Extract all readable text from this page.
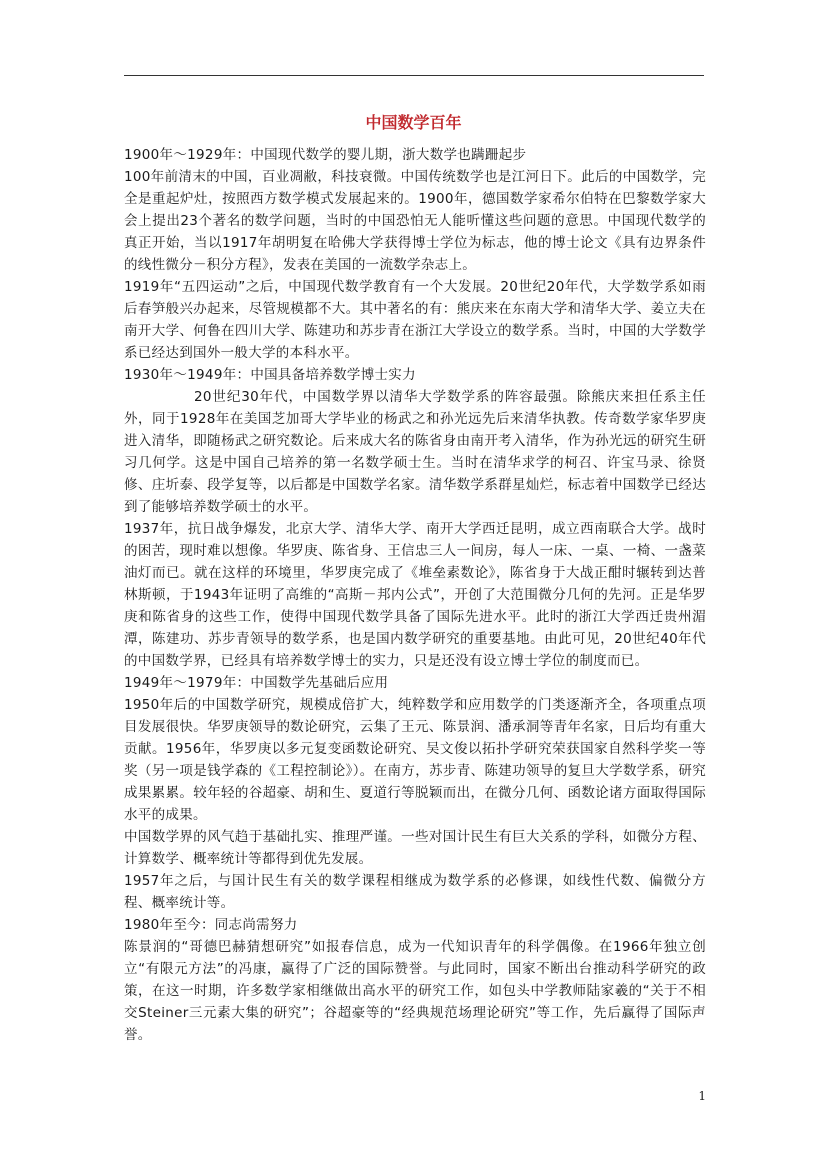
中国数学百年

1900年～1929年：中国现代数学的婴儿期，浙大数学也蹒跚起步

100年前清末的中国，百业凋敝，科技衰微。中国传统数学也是江河日下。此后的中国数学，完全是重起炉灶，按照西方数学模式发展起来的。1900年，德国数学家希尔伯特在巴黎数学家大会上提出23个著名的数学问题，当时的中国恐怕无人能听懂这些问题的意思。中国现代数学的真正开始，当以1917年胡明复在哈佛大学获得博士学位为标志，他的博士论文《具有边界条件的线性微分－积分方程》，发表在美国的一流数学杂志上。

1919年“五四运动”之后，中国现代数学教育有一个大发展。20世纪20年代，大学数学系如雨后春笋般兴办起来，尽管规模都不大。其中著名的有：熊庆来在东南大学和清华大学、姜立夫在南开大学、何鲁在四川大学、陈建功和苏步青在浙江大学设立的数学系。当时，中国的大学数学系已经达到国外一般大学的本科水平。

1930年～1949年：中国具备培养数学博士实力

20世纪30年代，中国数学界以清华大学数学系的阵容最强。除熊庆来担任系主任外，同于1928年在美国芝加哥大学毕业的杨武之和孙光远先后来清华执教。传奇数学家华罗庚进入清华，即随杨武之研究数论。后来成大名的陈省身由南开考入清华，作为孙光远的研究生研习几何学。这是中国自己培养的第一名数学硕士生。当时在清华求学的柯召、许宝马录、徐贤修、庄圻泰、段学复等，以后都是中国数学名家。清华数学系群星灿烂，标志着中国数学已经达到了能够培养数学硕士的水平。

1937年，抗日战争爆发，北京大学、清华大学、南开大学西迁昆明，成立西南联合大学。战时的困苦，现时难以想像。华罗庚、陈省身、王信忠三人一间房，每人一床、一桌、一椅、一盏菜油灯而已。就在这样的环境里，华罗庚完成了《堆垒素数论》，陈省身于大战正酣时辗转到达普林斯顿，于1943年证明了高维的“高斯－邦内公式”，开创了大范围微分几何的先河。正是华罗庚和陈省身的这些工作，使得中国现代数学具备了国际先进水平。此时的浙江大学西迁贵州湄潭，陈建功、苏步青领导的数学系，也是国内数学研究的重要基地。由此可见，20世纪40年代的中国数学界，已经具有培养数学博士的实力，只是还没有设立博士学位的制度而已。

1949年～1979年：中国数学先基础后应用

1950年后的中国数学研究，规模成倍扩大，纯粹数学和应用数学的门类逐渐齐全，各项重点项目发展很快。华罗庚领导的数论研究，云集了王元、陈景润、潘承洞等青年名家，日后均有重大贡献。1956年，华罗庚以多元复变函数论研究、吴文俊以拓扑学研究荣获国家自然科学奖一等奖（另一项是钱学森的《工程控制论》）。在南方，苏步青、陈建功领导的复旦大学数学系，研究成果累累。较年轻的谷超豪、胡和生、夏道行等脱颖而出，在微分几何、函数论诸方面取得国际水平的成果。

中国数学界的风气趋于基础扎实、推理严谨。一些对国计民生有巨大关系的学科，如微分方程、计算数学、概率统计等都得到优先发展。

1957年之后，与国计民生有关的数学课程相继成为数学系的必修课，如线性代数、偏微分方程、概率统计等。

1980年至今：同志尚需努力

陈景润的“哥德巴赫猜想研究”如报春信息，成为一代知识青年的科学偶像。在1966年独立创立“有限元方法”的冯康，赢得了广泛的国际赞誉。与此同时，国家不断出台推动科学研究的政策，在这一时期，许多数学家相继做出高水平的研究工作，如包头中学教师陆家羲的“关于不相交Steiner三元素大集的研究”；谷超豪等的“经典规范场理论研究”等工作，先后赢得了国际声誉。

1
